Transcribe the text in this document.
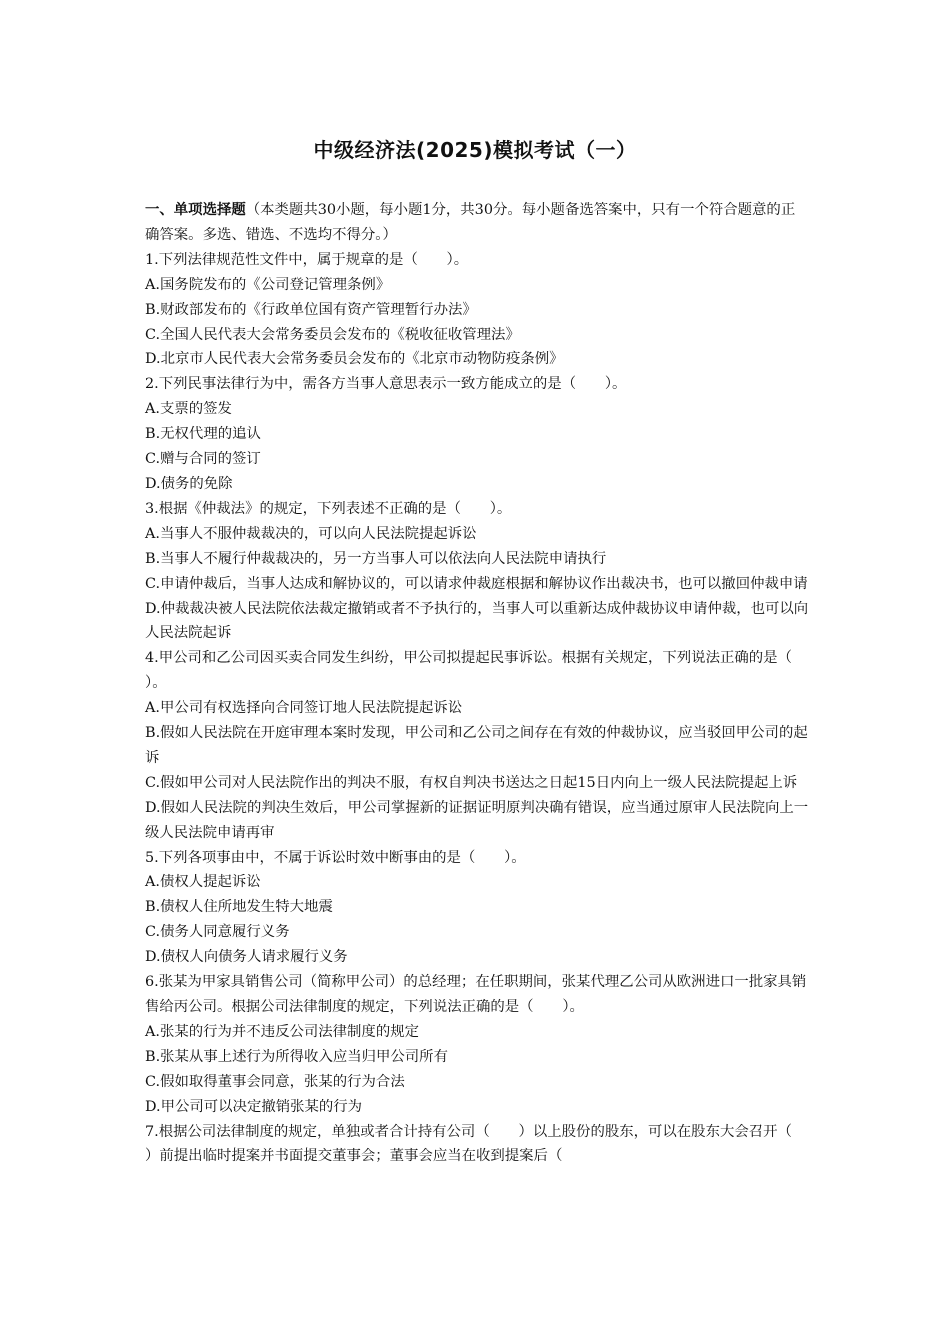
中级经济法(2025)模拟考试（一）

一、单项选择题（本类题共30小题，每小题1分，共30分。每小题备选答案中，只有一个符合题意的正确答案。多选、错选、不选均不得分。）

1.下列法律规范性文件中，属于规章的是（　　）。

A.国务院发布的《公司登记管理条例》

B.财政部发布的《行政单位国有资产管理暂行办法》

C.全国人民代表大会常务委员会发布的《税收征收管理法》

D.北京市人民代表大会常务委员会发布的《北京市动物防疫条例》

2.下列民事法律行为中，需各方当事人意思表示一致方能成立的是（　　）。

A.支票的签发

B.无权代理的追认

C.赠与合同的签订

D.债务的免除

3.根据《仲裁法》的规定，下列表述不正确的是（　　）。

A.当事人不服仲裁裁决的，可以向人民法院提起诉讼

B.当事人不履行仲裁裁决的，另一方当事人可以依法向人民法院申请执行

C.申请仲裁后，当事人达成和解协议的，可以请求仲裁庭根据和解协议作出裁决书，也可以撤回仲裁申请

D.仲裁裁决被人民法院依法裁定撤销或者不予执行的，当事人可以重新达成仲裁协议申请仲裁，也可以向人民法院起诉

4.甲公司和乙公司因买卖合同发生纠纷，甲公司拟提起民事诉讼。根据有关规定，下列说法正确的是（　　）。

A.甲公司有权选择向合同签订地人民法院提起诉讼

B.假如人民法院在开庭审理本案时发现，甲公司和乙公司之间存在有效的仲裁协议，应当驳回甲公司的起诉

C.假如甲公司对人民法院作出的判决不服，有权自判决书送达之日起15日内向上一级人民法院提起上诉

D.假如人民法院的判决生效后，甲公司掌握新的证据证明原判决确有错误，应当通过原审人民法院向上一级人民法院申请再审

5.下列各项事由中，不属于诉讼时效中断事由的是（　　）。

A.债权人提起诉讼

B.债权人住所地发生特大地震

C.债务人同意履行义务

D.债权人向债务人请求履行义务

6.张某为甲家具销售公司（简称甲公司）的总经理；在任职期间，张某代理乙公司从欧洲进口一批家具销售给丙公司。根据公司法律制度的规定，下列说法正确的是（　　）。

A.张某的行为并不违反公司法律制度的规定

B.张某从事上述行为所得收入应当归甲公司所有

C.假如取得董事会同意，张某的行为合法

D.甲公司可以决定撤销张某的行为

7.根据公司法律制度的规定，单独或者合计持有公司（　　）以上股份的股东，可以在股东大会召开（　　）前提出临时提案并书面提交董事会；董事会应当在收到提案后（
